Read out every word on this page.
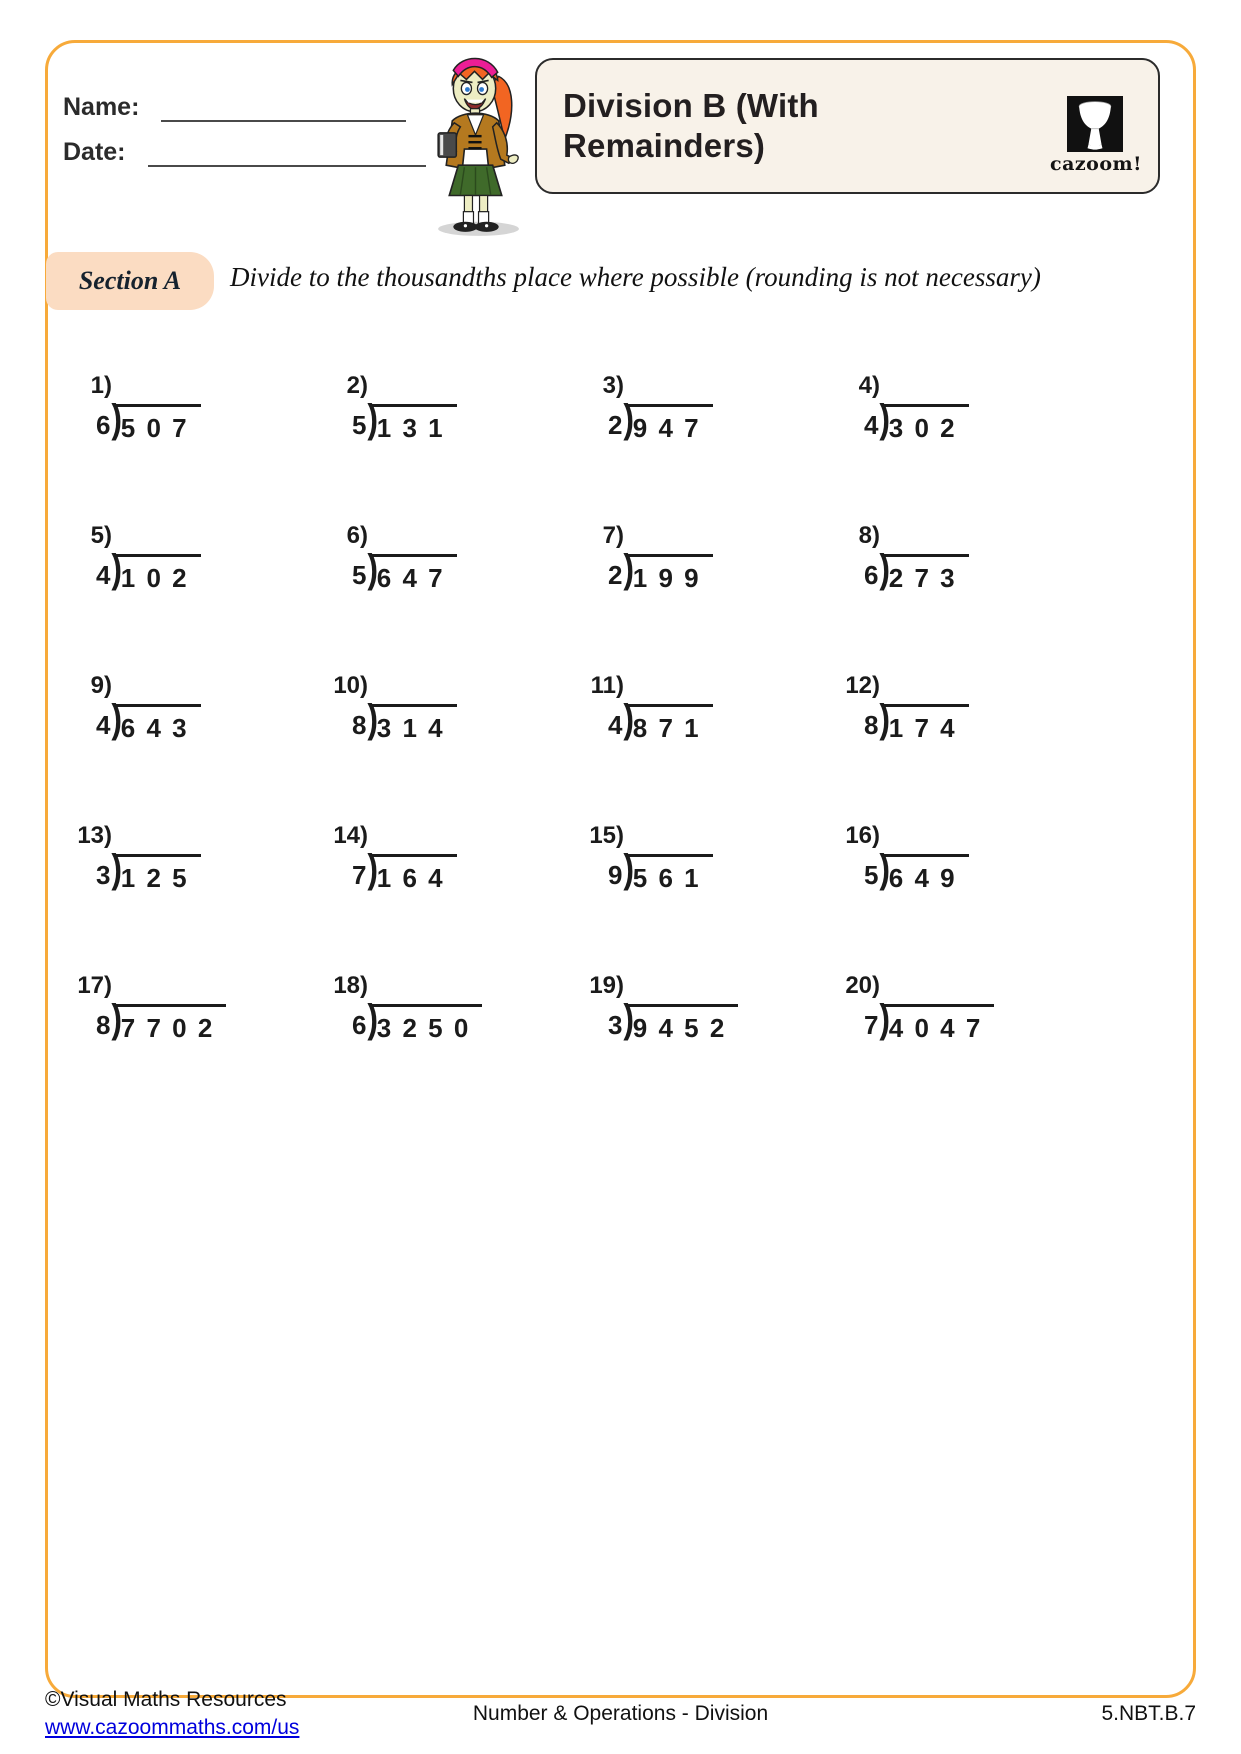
Name:
Date:
Division B (With Remainders)	cazoom!
Section A Divide to the thousandths place where possible (rounding is not necessary)
1)
6 )
5 0 7
2)
5 )
1 3 1
3)
2 )
9 4 7
4)
4 )
3 0 2
5)
4 )
1 0 2
6)
5 )
6 4 7
7)
2 )
1 9 9
8)
6 )
2 7 3
9)
4 )
6 4 3
10)
8 )
3 1 4
11)
4 )
8 7 1
12)
8 )
1 7 4
13)
3 )
1 2 5
14)
7 )
1 6 4
15)
9 )
5 6 1
16)
5 )
6 4 9
17)
8 )
7 7 0 2
18)
6 )
3 2 5 0
19)
3 )
9 4 5 2
20)
7 )
4 0 4 7
©Visual Maths Resources
www.cazoommaths.com/us
Number & Operations - Division	5.NBT.B.7
